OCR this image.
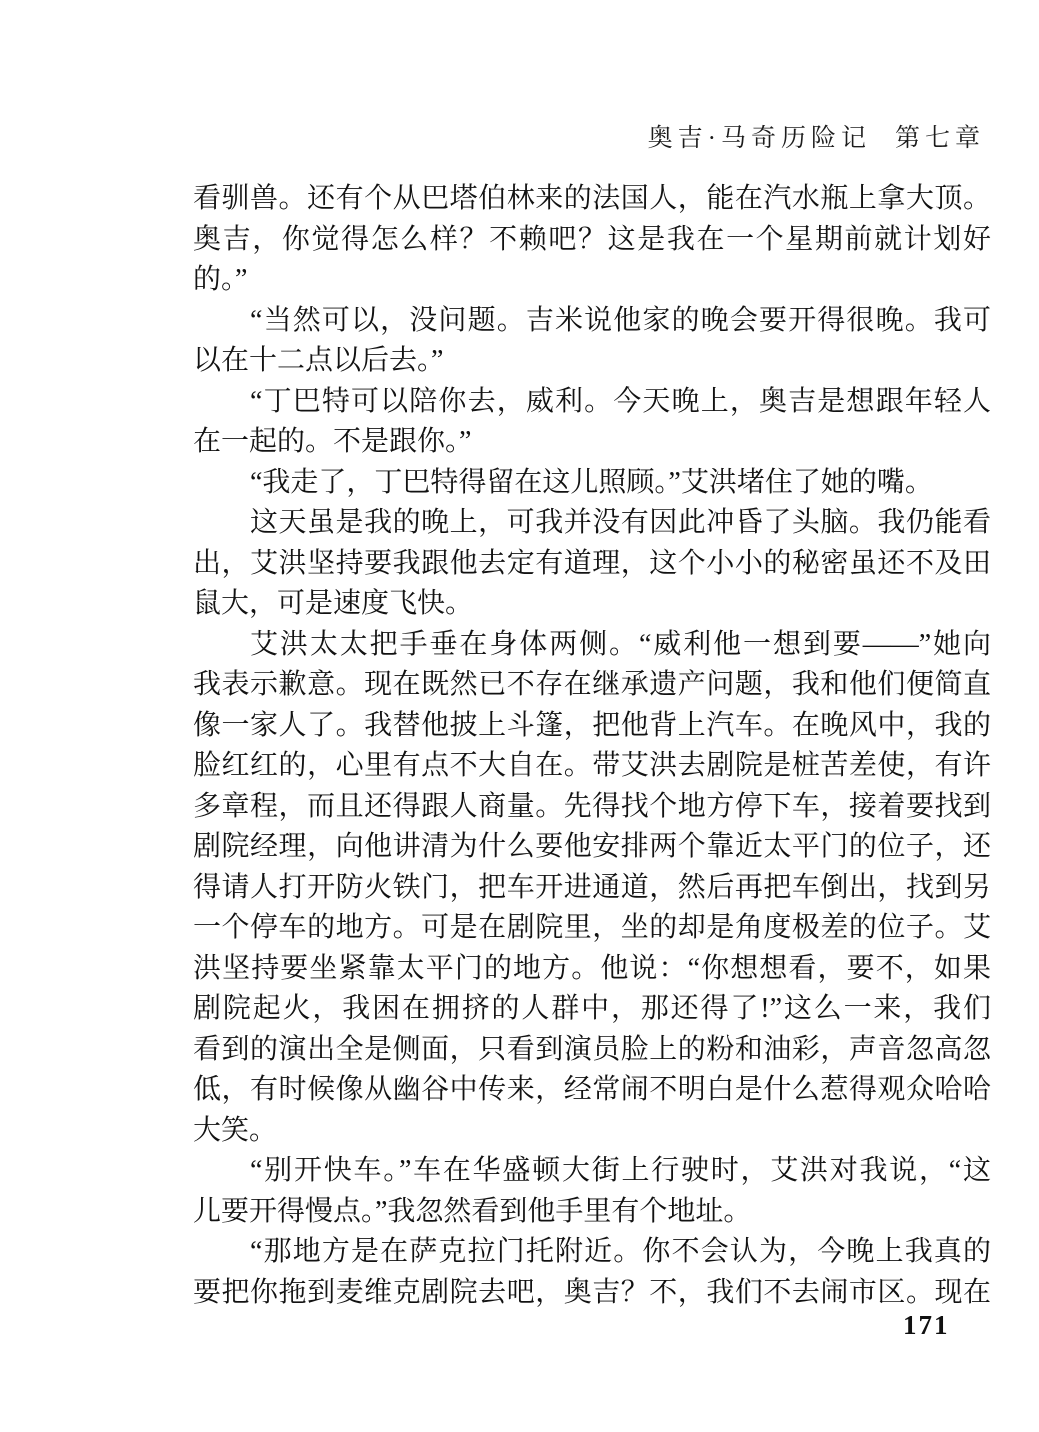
奥吉·马奇历险记 第七章
看驯兽。还有个从巴塔伯林来的法国人，能在汽水瓶上拿大顶。
奥吉，你觉得怎么样？不赖吧？这是我在一个星期前就计划好
的。”
“当然可以，没问题。吉米说他家的晚会要开得很晚。我可
以在十二点以后去。”
“丁巴特可以陪你去，威利。今天晚上，奥吉是想跟年轻人
在一起的。不是跟你。”
“我走了，丁巴特得留在这儿照顾。”艾洪堵住了她的嘴。
这天虽是我的晚上，可我并没有因此冲昏了头脑。我仍能看
出，艾洪坚持要我跟他去定有道理，这个小小的秘密虽还不及田
鼠大，可是速度飞快。
艾洪太太把手垂在身体两侧。“威利他一想到要——”她向
我表示歉意。现在既然已不存在继承遗产问题，我和他们便简直
像一家人了。我替他披上斗篷，把他背上汽车。在晚风中，我的
脸红红的，心里有点不大自在。带艾洪去剧院是桩苦差使，有许
多章程，而且还得跟人商量。先得找个地方停下车，接着要找到
剧院经理，向他讲清为什么要他安排两个靠近太平门的位子，还
得请人打开防火铁门，把车开进通道，然后再把车倒出，找到另
一个停车的地方。可是在剧院里，坐的却是角度极差的位子。艾
洪坚持要坐紧靠太平门的地方。他说：“你想想看，要不，如果
剧院起火，我困在拥挤的人群中，那还得了!”这么一来，我们
看到的演出全是侧面，只看到演员脸上的粉和油彩，声音忽高忽
低，有时候像从幽谷中传来，经常闹不明白是什么惹得观众哈哈
大笑。
“别开快车。”车在华盛顿大街上行驶时，艾洪对我说，“这
儿要开得慢点。”我忽然看到他手里有个地址。
“那地方是在萨克拉门托附近。你不会认为，今晚上我真的
要把你拖到麦维克剧院去吧，奥吉？不，我们不去闹市区。现在
171
